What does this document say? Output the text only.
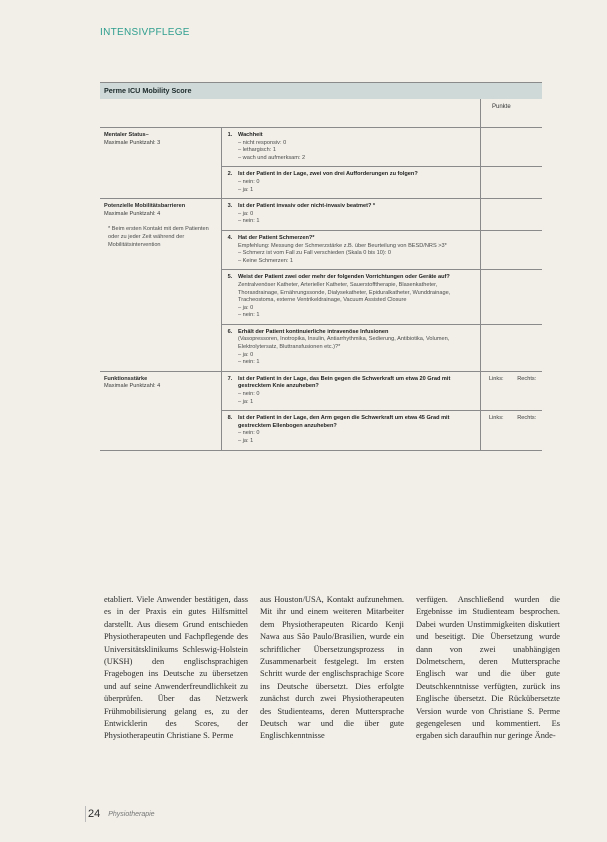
INTENSIVPFLEGE
Perme ICU Mobility Score
Punkte
Mentaler Status–
Maximale Punktzahl: 3
1.	Wachheit
– nicht responsiv: 0
– lethargisch: 1
– wach und aufmerksam: 2
2.	Ist der Patient in der Lage, zwei von drei Aufforderungen zu folgen?
– nein: 0
– ja: 1
Potenzielle Mobilitätsbarrieren
Maximale Punktzahl: 4
* Beim ersten Kontakt mit dem Patienten oder zu jeder Zeit während der Mobilitätsintervention
3.	Ist der Patient invasiv oder nicht-invasiv beatmet? *
– ja: 0
– nein: 1
4.	Hat der Patient Schmerzen?*
Empfehlung: Messung der Schmerzstärke z.B. über Beurteilung von BESD/NRS >3*
– Schmerz ist vom Fall zu Fall verschieden (Skala 0 bis 10): 0
– Keine Schmerzen: 1
5.	Weist der Patient zwei oder mehr der folgenden Vorrichtungen oder Geräte auf?
Zentralvenöser Katheter, Arterieller Katheter, Sauerstofftherapie, Blasenkatheter, Thoraxdrainage, Ernährungssonde, Dialysekatheter, Epiduralkatheter, Wunddrainage, Tracheostoma, externe Ventrikeldrainage, Vacuum Assisted Closure
– ja: 0
– nein: 1
6.	Erhält der Patient kontinuierliche intravenöse Infusionen
(Vasopressoren, Inotropika, Insulin, Antiarrhythmika, Sedierung, Antibiotika, Volumen, Elektrolytersatz, Bluttransfusionen etc.)?*
– ja: 0
– nein: 1
Funktionsstärke
Maximale Punktzahl: 4
7.	Ist der Patient in der Lage, das Bein gegen die Schwerkraft um etwa 20 Grad mit gestrecktem Knie anzuheben?
– nein: 0
– ja: 1
Links:	Rechts:
8.	Ist der Patient in der Lage, den Arm gegen die Schwerkraft um etwa 45 Grad mit gestrecktem Ellenbogen anzuheben?
– nein: 0
– ja: 1
Links:	Rechts:
etabliert. Viele Anwender bestätigen, dass es in der Praxis ein gutes Hilfsmittel darstellt. Aus diesem Grund entschieden Physiotherapeuten und Fachpflegende des Universitätsklinikums Schleswig-Holstein (UKSH) den englischsprachigen Fragebogen ins Deutsche zu übersetzen und auf seine Anwenderfreundlichkeit zu überprüfen. Über das Netzwerk Frühmobilisierung gelang es, zu der Entwicklerin des Scores, der Physiotherapeutin Christiane S. Perme
aus Houston/USA, Kontakt aufzunehmen. Mit ihr und einem weiteren Mitarbeiter dem Physiotherapeuten Ricardo Kenji Nawa aus São Paulo/Brasilien, wurde ein schriftlicher Übersetzungsprozess in Zusammenarbeit festgelegt. Im ersten Schritt wurde der englischsprachige Score ins Deutsche übersetzt. Dies erfolgte zunächst durch zwei Physiotherapeuten des Studienteams, deren Muttersprache Deutsch war und die über gute Englischkenntnisse
verfügen. Anschließend wurden die Ergebnisse im Studienteam besprochen. Dabei wurden Unstimmigkeiten diskutiert und beseitigt. Die Übersetzung wurde dann von zwei unabhängigen Dolmetschern, deren Muttersprache Englisch war und die über gute Deutschkenntnisse verfügten, zurück ins Englische übersetzt. Die Rückübersetzte Version wurde von Christiane S. Perme gegengelesen und kommentiert. Es ergaben sich daraufhin nur geringe Ände-
24 Physiotherapie
